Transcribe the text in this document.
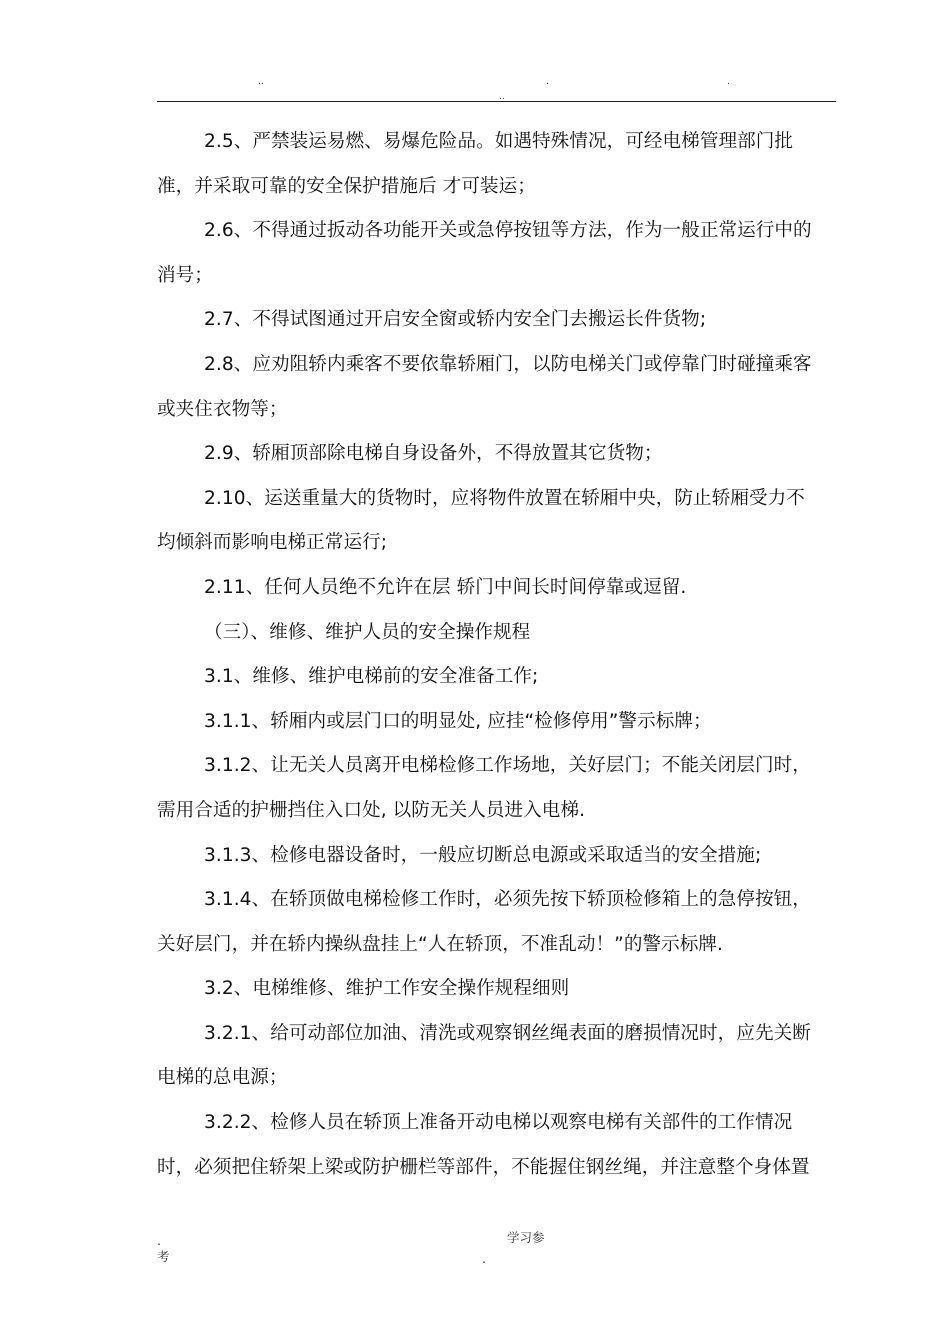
..	.	.
..
2.5、严禁装运易燃、易爆危险品。如遇特殊情况，可经电梯管理部门批
准，并采取可靠的安全保护措施后 才可装运；
2.6、不得通过扳动各功能开关或急停按钮等方法，作为一般正常运行中的
消号；
2.7、不得试图通过开启安全窗或轿内安全门去搬运长件货物;
2.8、应劝阻轿内乘客不要依靠轿厢门，以防电梯关门或停靠门时碰撞乘客
或夹住衣物等；
2.9、轿厢顶部除电梯自身设备外，不得放置其它货物；
2.10、运送重量大的货物时，应将物件放置在轿厢中央，防止轿厢受力不
均倾斜而影响电梯正常运行;
2.11、任何人员绝不允许在层 轿门中间长时间停靠或逗留.
（三）、维修、维护人员的安全操作规程
3.1、维修、维护电梯前的安全准备工作;
3.1.1、轿厢内或层门口的明显处, 应挂“检修停用”警示标牌；
3.1.2、让无关人员离开电梯检修工作场地，关好层门；不能关闭层门时，
需用合适的护栅挡住入口处, 以防无关人员进入电梯.
3.1.3、检修电器设备时，一般应切断总电源或采取适当的安全措施;
3.1.4、在轿顶做电梯检修工作时，必须先按下轿顶检修箱上的急停按钮，
关好层门，并在轿内操纵盘挂上“人在轿顶，不准乱动！”的警示标牌.
3.2、电梯维修、维护工作安全操作规程细则
3.2.1、给可动部位加油、清洗或观察钢丝绳表面的磨损情况时，应先关断
电梯的总电源；
3.2.2、检修人员在轿顶上准备开动电梯以观察电梯有关部件的工作情况
时，必须把住轿架上梁或防护栅栏等部件，不能握住钢丝绳，并注意整个身体置
.
考
学习参
.
